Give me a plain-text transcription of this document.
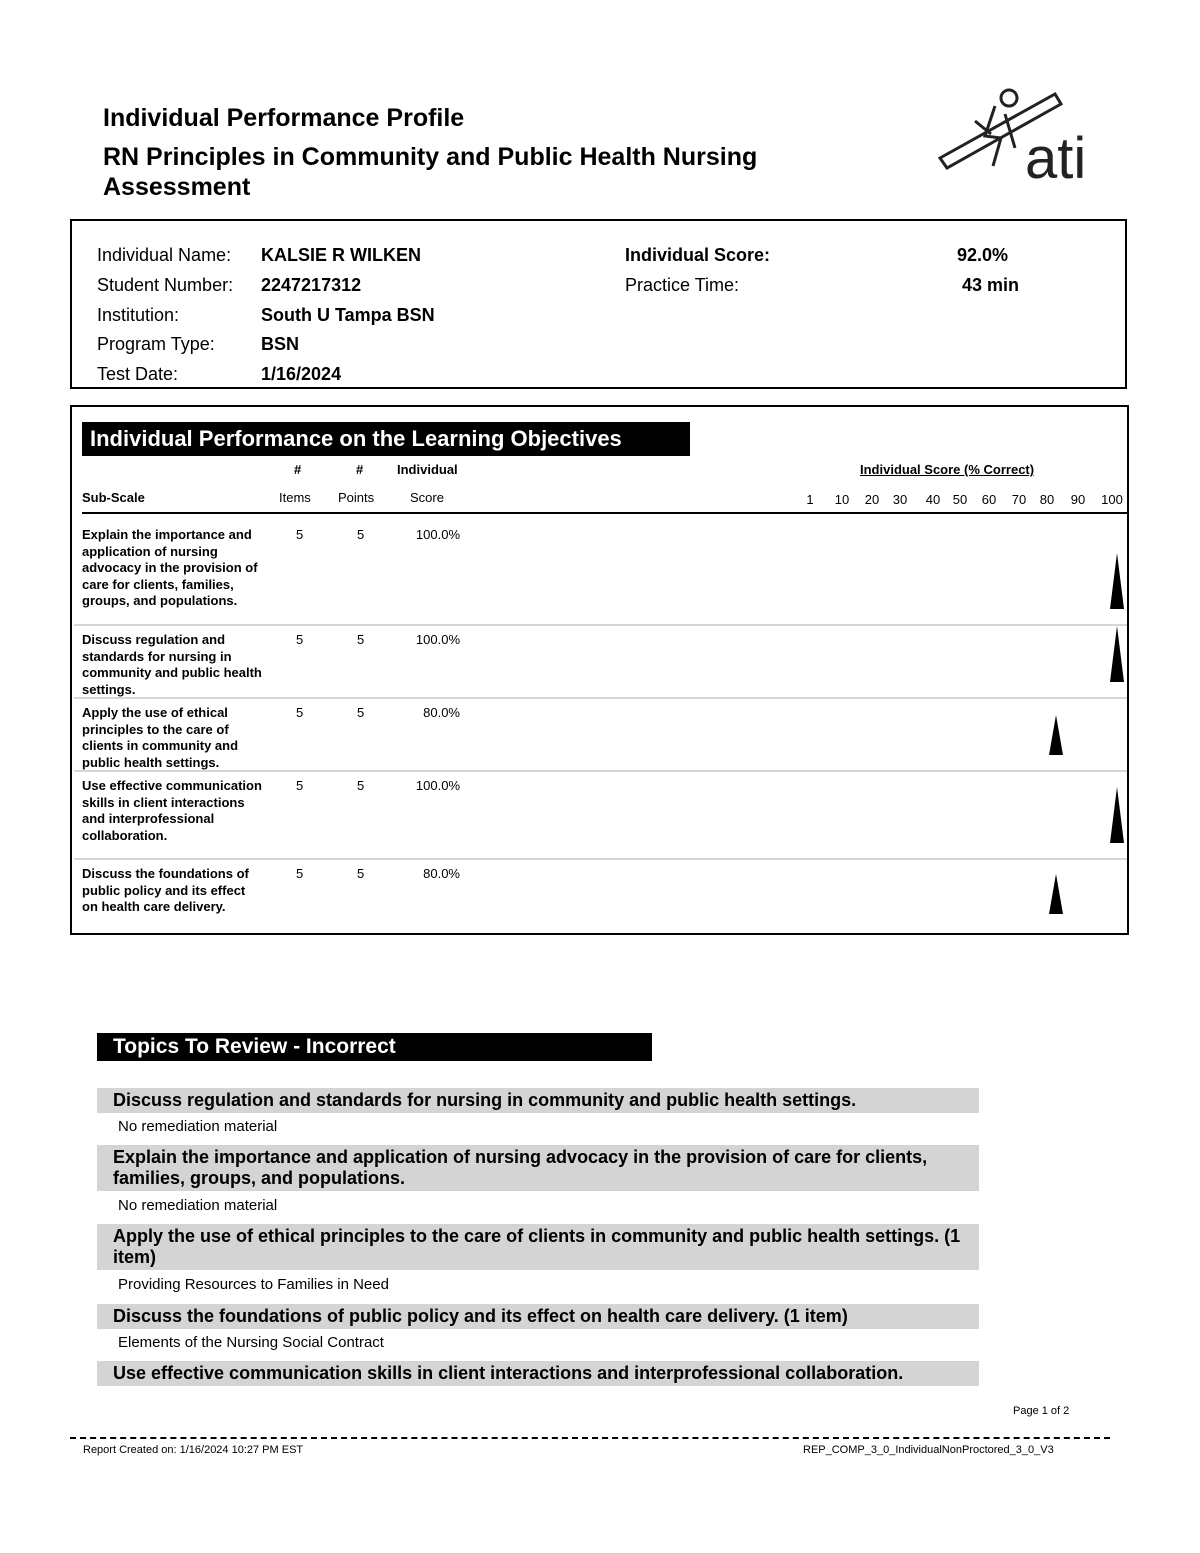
Individual Performance Profile
RN Principles in Community and Public Health Nursing
Assessment	ati
Individual Name: KALSIE R WILKEN
Student Number: 2247217312
Institution:	South U Tampa BSN
Program Type:	BSN
Test Date:	1/16/2024
Individual Score:	92.0%
Practice Time:	43 min
Individual Performance on the Learning Objectives
#	#	Individual	Individual Score (% Correct)
Sub-Scale	Items Points	Score	1	10	20	30	40 50	60	70	80	90	100
Explain the importance and application of nursing advocacy in the provision of care for clients, families, groups, and populations.
5	5	100.0%
Discuss regulation and standards for nursing in community and public health settings.
5	5	100.0%
Apply the use of ethical principles to the care of clients in community and public health settings.
5	5	80.0%
Use effective communication skills in client interactions and interprofessional collaboration.
5	5	100.0%
Discuss the foundations of public policy and its effect on health care delivery.
5	5	80.0%
Topics To Review - Incorrect
Discuss regulation and standards for nursing in community and public health settings.
No remediation material
Explain the importance and application of nursing advocacy in the provision of care for clients, families, groups, and populations.
No remediation material
Apply the use of ethical principles to the care of clients in community and public health settings. (1 item)
Providing Resources to Families in Need
Discuss the foundations of public policy and its effect on health care delivery. (1 item)
Elements of the Nursing Social Contract
Use effective communication skills in client interactions and interprofessional collaboration.
Page 1 of 2
Report Created on: 1/16/2024 10:27 PM EST	REP_COMP_3_0_IndividualNonProctored_3_0_V3
